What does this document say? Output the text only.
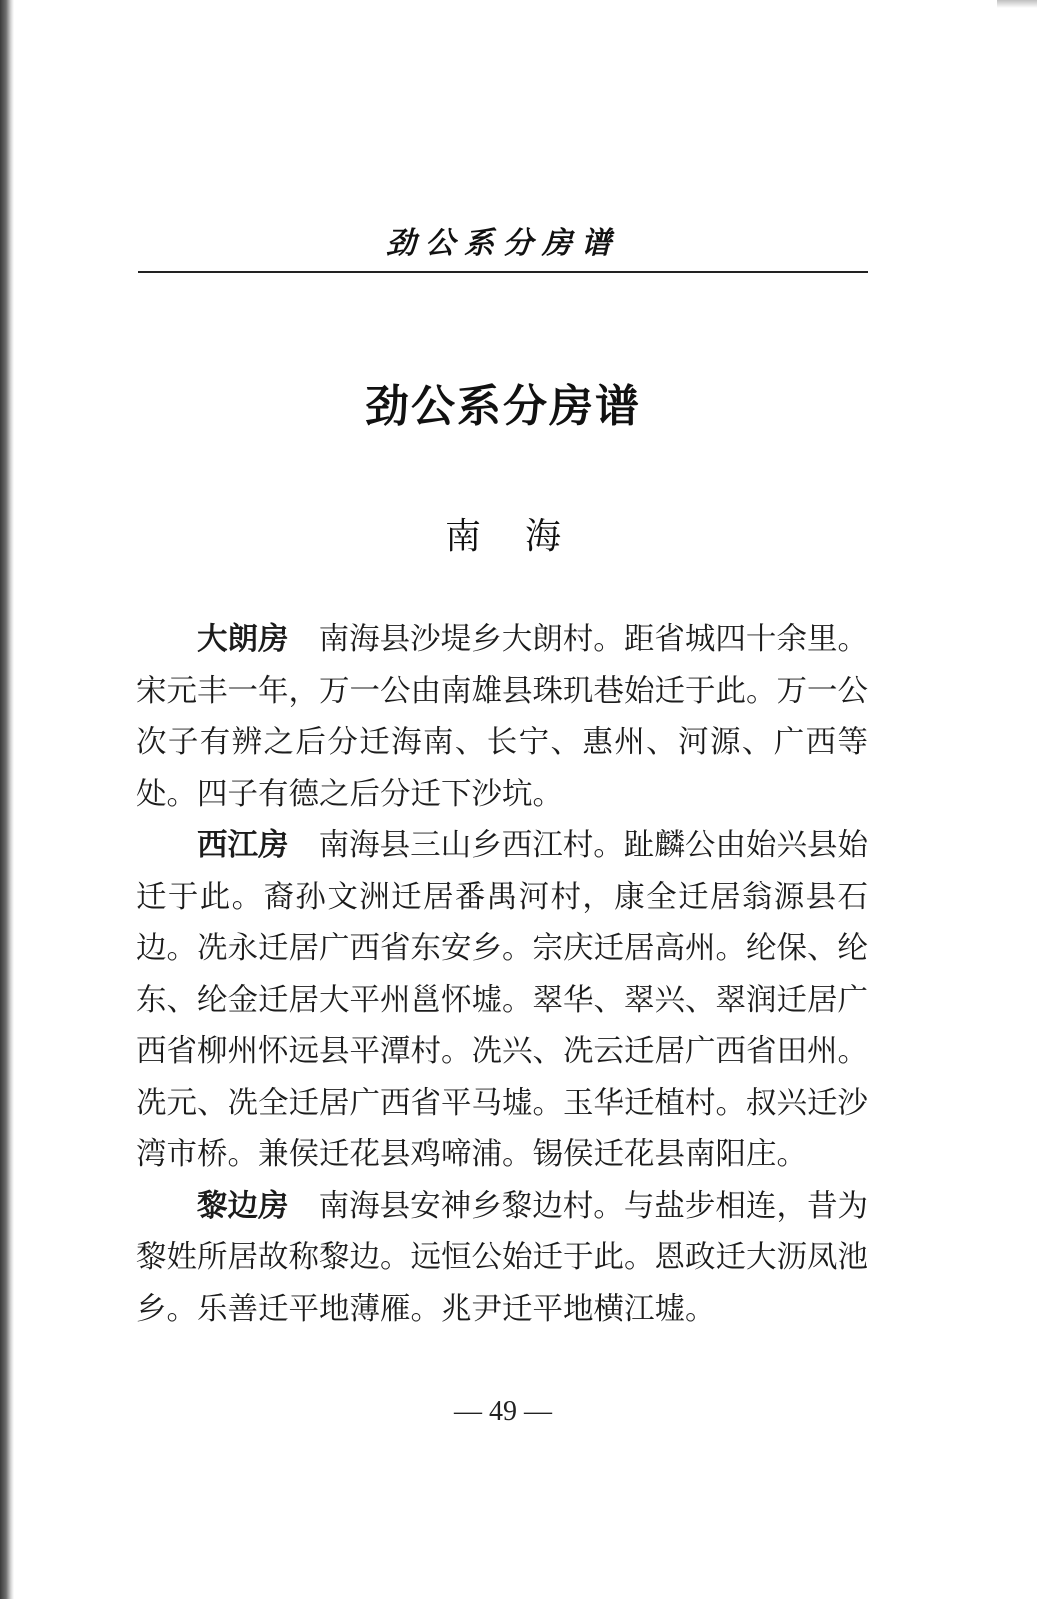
劲公系分房谱
劲公系分房谱
南海

大朗房 南海县沙堤乡大朗村。距省城四十余里。宋元丰一年，万一公由南雄县珠玑巷始迁于此。万一公次子有辨之后分迁海南、长宁、惠州、河源、广西等处。四子有德之后分迁下沙坑。

西江房 南海县三山乡西江村。趾麟公由始兴县始迁于此。裔孙文洲迁居番禺河村，康全迁居翁源县石边。冼永迁居广西省东安乡。宗庆迁居高州。纶保、纶东、纶金迁居大平州邕怀墟。翠华、翠兴、翠润迁居广西省柳州怀远县平潭村。冼兴、冼云迁居广西省田州。冼元、冼全迁居广西省平马墟。玉华迁植村。叔兴迁沙湾市桥。兼侯迁花县鸡啼浦。锡侯迁花县南阳庄。

黎边房 南海县安神乡黎边村。与盐步相连，昔为黎姓所居故称黎边。远恒公始迁于此。恩政迁大沥凤池乡。乐善迁平地薄雁。兆尹迁平地横江墟。

— 49 —
